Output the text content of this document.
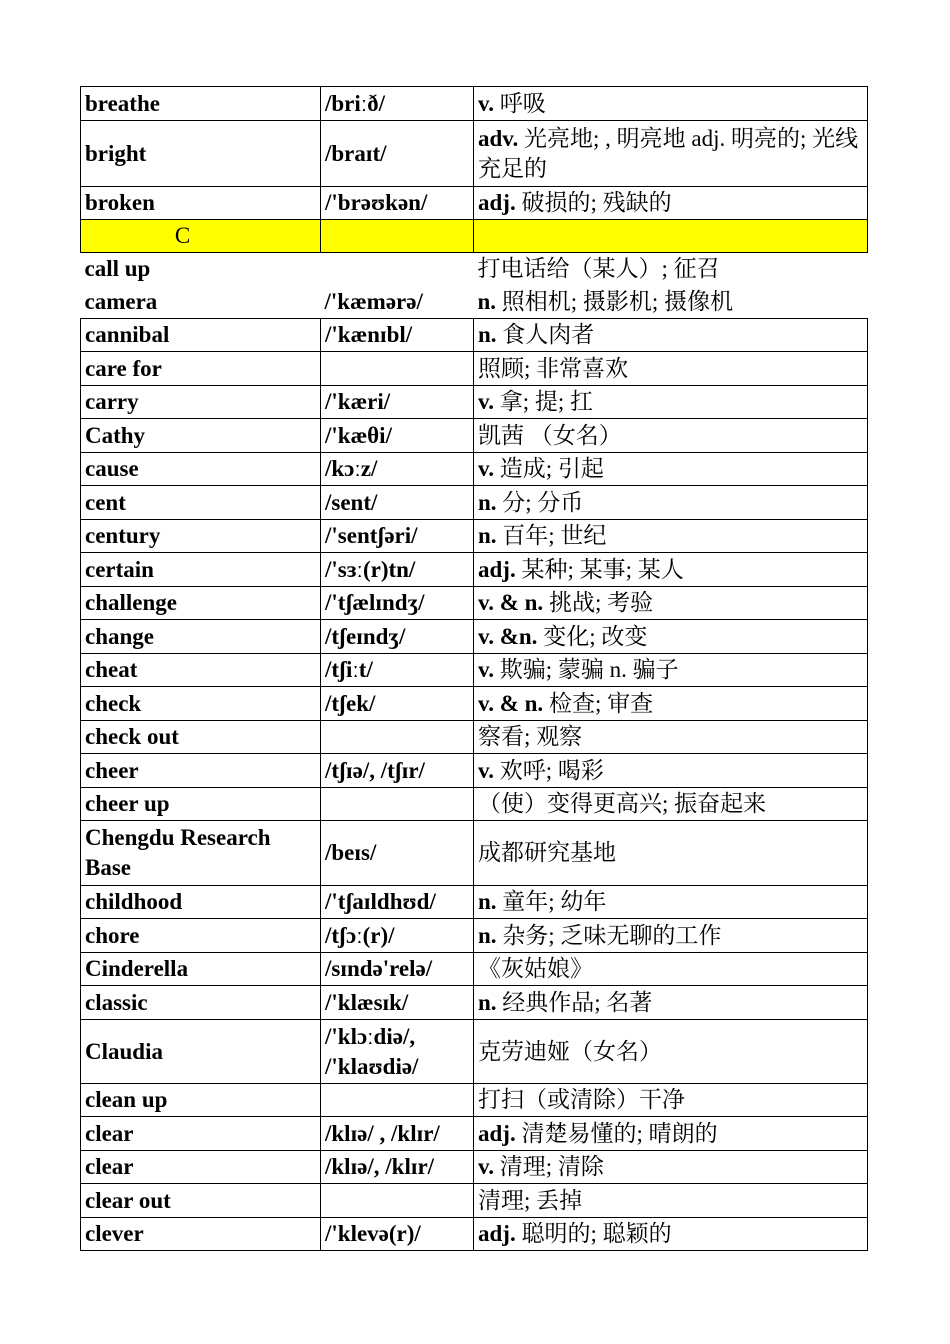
breathe	/briːð/	v. 呼吸
bright	/braɪt/	adv. 光亮地; , 明亮地 adj. 明亮的; 光线充足的
broken	/'brəʊkən/	adj. 破损的; 残缺的
C		
call up		打电话给（某人）; 征召
camera	/'kæmərə/	n. 照相机; 摄影机; 摄像机
cannibal	/'kænɪbl/	n. 食人肉者
care for		照顾; 非常喜欢
carry	/'kæri/	v. 拿; 提; 扛
Cathy	/'kæθi/	凯茜 （女名）
cause	/kɔːz/	v. 造成; 引起
cent	/sent/	n. 分; 分币
century	/'sentʃəri/	n. 百年; 世纪
certain	/'sɜː(r)tn/	adj. 某种; 某事; 某人
challenge	/'tʃælɪndʒ/	v. & n. 挑战; 考验
change	/tʃeɪndʒ/	v. &n. 变化; 改变
cheat	/tʃiːt/	v. 欺骗; 蒙骗 n. 骗子
check	/tʃek/	v. & n. 检查; 审查
check out		察看; 观察
cheer	/tʃɪə/, /tʃɪr/	v. 欢呼; 喝彩
cheer up		（使）变得更高兴; 振奋起来
Chengdu Research Base	/beɪs/	成都研究基地
childhood	/'tʃaɪldhʊd/	n. 童年; 幼年
chore	/tʃɔː(r)/	n. 杂务; 乏味无聊的工作
Cinderella	/sɪndə'relə/	《灰姑娘》
classic	/'klæsɪk/	n. 经典作品; 名著
Claudia	/'klɔːdiə/, /'klaʊdiə/	克劳迪娅（女名）
clean up		打扫（或清除）干净
clear	/klɪə/ , /klɪr/	adj. 清楚易懂的; 晴朗的
clear	/klɪə/, /klɪr/	v. 清理; 清除
clear out		清理; 丢掉
clever	/'klevə(r)/	adj. 聪明的; 聪颖的
